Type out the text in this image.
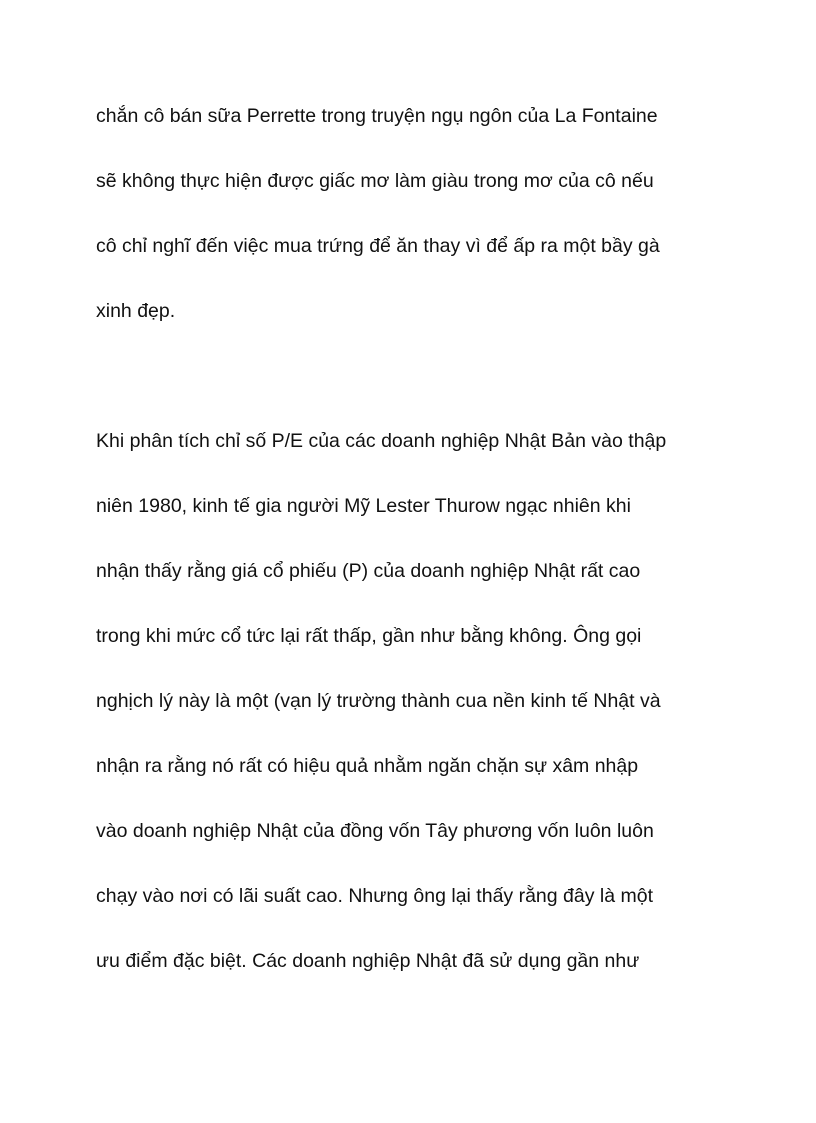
chắn cô bán sữa Perrette trong truyện ngụ ngôn của La Fontaine

sẽ không thực hiện được giấc mơ làm giàu trong mơ của cô nếu

cô chỉ nghĩ đến việc mua trứng để ăn thay vì để ấp ra một bầy gà

xinh đẹp.

Khi phân tích chỉ số P/E của các doanh nghiệp Nhật Bản vào thập

niên 1980, kinh tế gia người Mỹ Lester Thurow ngạc nhiên khi

nhận thấy rằng giá cổ phiếu (P) của doanh nghiệp Nhật rất cao

trong khi mức cổ tức lại rất thấp, gần như bằng không. Ông gọi

nghịch lý này là một (vạn lý trường thành cua nền kinh tế Nhật và

nhận ra rằng nó rất có hiệu quả nhằm ngăn chặn sự xâm nhập

vào doanh nghiệp Nhật của đồng vốn Tây phương vốn luôn luôn

chạy vào nơi có lãi suất cao. Nhưng ông lại thấy rằng đây là một

ưu điểm đặc biệt. Các doanh nghiệp Nhật đã sử dụng gần như
